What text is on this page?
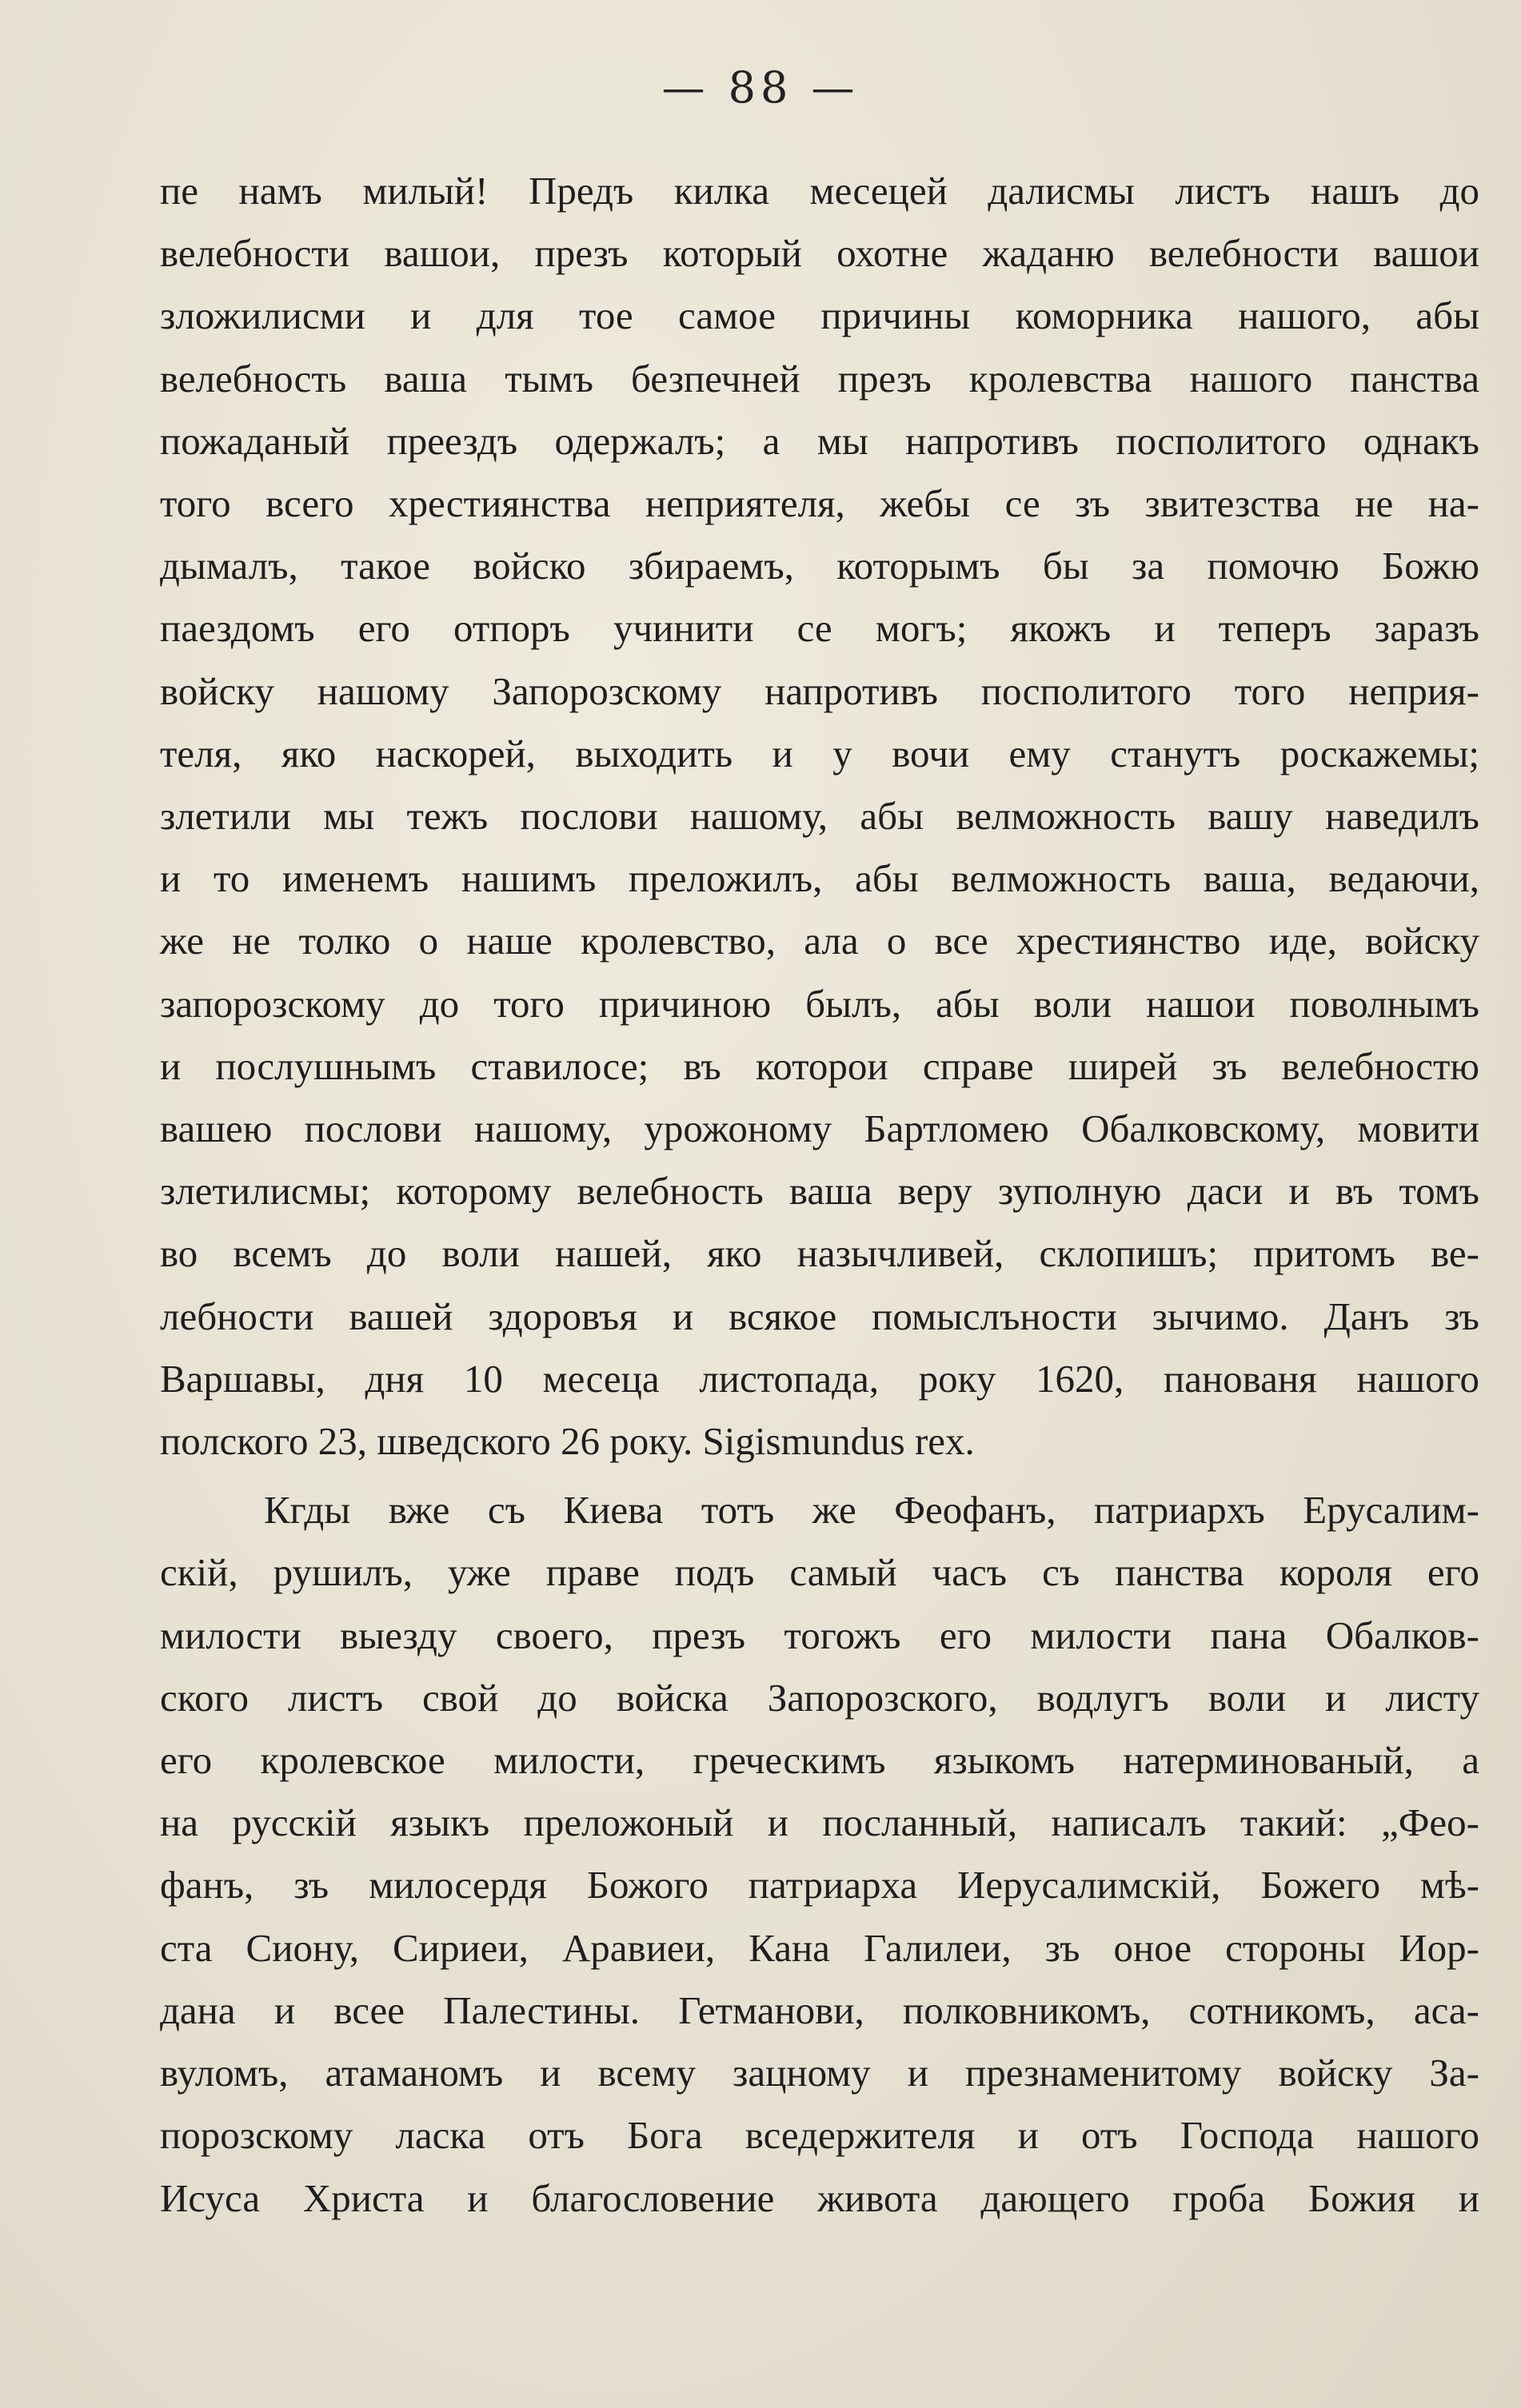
— 88 —
пе намъ милый! Предъ килка месецей далисмы листъ нашъ до
велебности вашои, презъ который охотне жаданю велебности вашои
зложилисми и для тое самое причины коморника нашого, абы
велебность ваша тымъ безпечней презъ кролевства нашого панства
пожаданый преездъ одержалъ; а мы напротивъ посполитого однакъ
того всего хрестиянства неприятеля, жебы се зъ звитезства не на-
дымалъ, такое войско збираемъ, которымъ бы за помочю Божю
паездомъ его отпоръ учинити се могъ; якожъ и теперъ заразъ
войску нашому Запорозскому напротивъ посполитого того неприя-
теля, яко наскорей, выходить и у вочи ему станутъ роскажемы;
злетили мы тежъ послови нашому, абы велможность вашу наведилъ
и то именемъ нашимъ преложилъ, абы велможность ваша, ведаючи,
же не толко о наше кролевство, ала о все хрестиянство иде, войску
запорозскому до того причиною былъ, абы воли нашои поволнымъ
и послушнымъ ставилосе; въ которои справе ширей зъ велебностю
вашею послови нашому, урожоному Бартломею Обалковскому, мовити
злетилисмы; которому велебность ваша веру зуполную даси и въ томъ
во всемъ до воли нашей, яко назычливей, склопишъ; притомъ ве-
лебности вашей здоровъя и всякое помыслъности зычимо. Данъ зъ
Варшавы, дня 10 месеца листопада, року 1620, панованя нашого
полского 23, шведского 26 року. Sigismundus rex.
Кгды вже съ Киева тотъ же Феофанъ, патриархъ Ерусалим-
скій, рушилъ, уже праве подъ самый часъ съ панства короля его
милости выезду своего, презъ тогожъ его милости пана Обалков-
ского листъ свой до войска Запорозского, водлугъ воли и листу
его кролевское милости, греческимъ языкомъ натерминованый, а
на русскій языкъ преложоный и посланный, написалъ такий: „Фео-
фанъ, зъ милосердя Божого патриарха Иерусалимскій, Божего мѣ-
ста Сиону, Сириеи, Аравиеи, Кана Галилеи, зъ оное стороны Иор-
дана и всее Палестины. Гетманови, полковникомъ, сотникомъ, аса-
вуломъ, атаманомъ и всему зацному и презнаменитому войску За-
порозскому ласка отъ Бога вседержителя и отъ Господа нашого
Исуса Христа и благословение живота дающего гроба Божия и
